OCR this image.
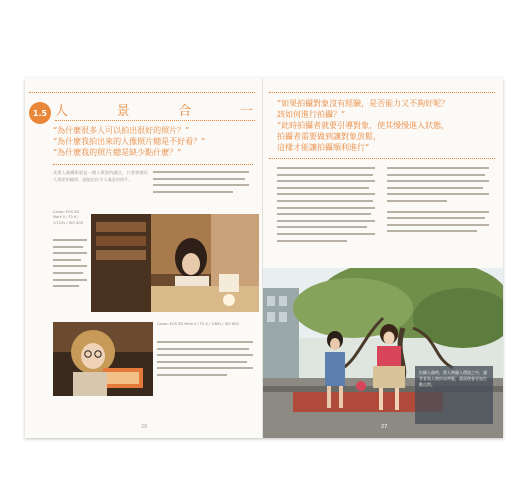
1.5 人	景	合	一
“為什麼很多人可以拍出很好的照片？”
“為什麼我拍出來的人像照片總是不好看？”
“為什麼我的照片總是缺少點什麼？”
其實人像攝影就是一種人與景的融合，只要掌握好人與景的關係，就能拍出令人滿意的照片。

Canon EOS 5D Mark II / F2.8 / 1/125s / ISO 400

Canon EOS 5D Mark II / F2.0 / 1/60s / ISO 800

26
“如果拍攝對象沒有經驗，是否能力又不夠好呢？
該如何進行拍攝？”
“此時拍攝者就要引導對象，使其慢慢進入狀態，
拍攝者需要做到讓對象放鬆，
這樣才能讓拍攝順利進行”

拍攝人像時，將人物融入環境之中，讓背景與人物形成呼應，畫面便會更加生動自然。
27
